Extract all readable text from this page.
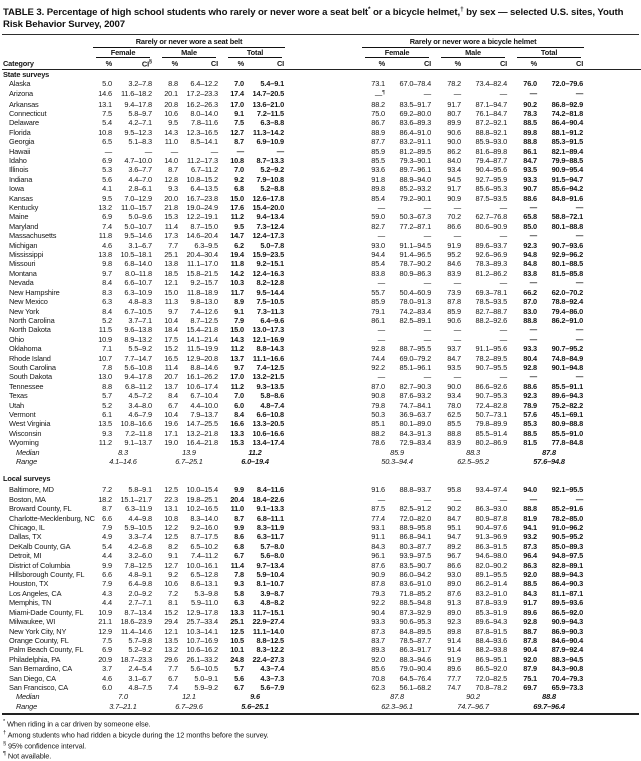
TABLE 3. Percentage of high school students who rarely or never wore a seat belt* or a bicycle helmet,† by sex — selected U.S. sites, Youth Risk Behavior Survey, 2007

	Rarely or never wore a seat belt							Rarely or never wore a bicycle helmet						

	Female		Male		Total			Female		Male		Total		

Category	%	CI§	%	CI	%	CI		%	CI	%	CI	%	CI	
State surveys														
Alaska	5.0	3.2–7.8	8.8	6.4–12.2	7.0	5.4–9.1		73.1	67.0–78.4	78.2	73.4–82.4	76.0	72.0–79.6	
Arizona	14.6	11.6–18.2	20.1	17.2–23.3	17.4	14.7–20.5		—¶	—	—	—	—	—	
Arkansas	13.1	9.4–17.8	20.8	16.2–26.3	17.0	13.6–21.0		88.2	83.5–91.7	91.7	87.1–94.7	90.2	86.8–92.9	
Connecticut	7.5	5.8–9.7	10.6	8.0–14.0	9.1	7.2–11.5		75.0	69.2–80.0	80.7	76.1–84.7	78.3	74.2–81.8	
Delaware	5.4	4.2–7.1	9.5	7.8–11.6	7.5	6.3–8.8		86.7	83.6–89.3	89.9	87.2–92.1	88.5	86.4–90.4	
Florida	10.8	9.5–12.3	14.3	12.3–16.5	12.7	11.3–14.2		88.9	86.4–91.0	90.6	88.8–92.1	89.8	88.1–91.2	
Georgia	6.5	5.1–8.3	11.0	8.5–14.1	8.7	6.9–10.9		87.7	83.2–91.1	90.0	85.9–93.0	88.8	85.3–91.5	
Hawaii	—	—	—	—	—	—		85.9	81.2–89.5	86.2	81.6–89.8	86.1	82.1–89.4	
Idaho	6.9	4.7–10.0	14.0	11.2–17.3	10.8	8.7–13.3		85.5	79.3–90.1	84.0	79.4–87.7	84.7	79.9–88.5	
Illinois	5.3	3.6–7.7	8.7	6.7–11.2	7.0	5.2–9.2		93.6	89.7–96.1	93.4	90.4–95.6	93.5	90.9–95.4	
Indiana	5.6	4.4–7.0	12.8	10.8–15.2	9.2	7.9–10.8		91.8	88.9–94.0	94.5	92.7–95.9	93.3	91.5–94.7	
Iowa	4.1	2.8–6.1	9.3	6.4–13.5	6.8	5.2–8.8		89.8	85.2–93.2	91.7	85.6–95.3	90.7	85.6–94.2	
Kansas	9.5	7.0–12.9	20.0	16.7–23.8	15.0	12.6–17.8		85.4	79.2–90.1	90.9	87.5–93.5	88.6	84.8–91.6	
Kentucky	13.2	11.0–15.7	21.8	19.0–24.9	17.6	15.4–20.0		—	—	—	—	—	—	
Maine	6.9	5.0–9.6	15.3	12.2–19.1	11.2	9.4–13.4		59.0	50.3–67.3	70.2	62.7–76.8	65.8	58.8–72.1	
Maryland	7.4	5.0–10.7	11.4	8.7–15.0	9.5	7.3–12.4		82.7	77.2–87.1	86.6	80.6–90.9	85.0	80.1–88.8	
Massachusetts	11.8	9.5–14.6	17.3	14.6–20.4	14.7	12.4–17.3		—	—	—	—	—	—	
Michigan	4.6	3.1–6.7	7.7	6.3–9.5	6.2	5.0–7.8		93.0	91.1–94.5	91.9	89.6–93.7	92.3	90.7–93.6	
Mississippi	13.8	10.5–18.1	25.1	20.4–30.4	19.4	15.9–23.5		94.4	91.4–96.5	95.2	92.6–96.9	94.8	92.9–96.2	
Missouri	9.8	6.8–14.0	13.8	11.1–17.0	11.8	9.2–15.1		85.4	78.7–90.2	84.6	78.3–89.3	84.8	80.1–88.5	
Montana	9.7	8.0–11.8	18.5	15.8–21.5	14.2	12.4–16.3		83.8	80.9–86.3	83.9	81.2–86.2	83.8	81.5–85.8	
Nevada	8.4	6.6–10.7	12.1	9.2–15.7	10.3	8.2–12.8		—	—	—	—	—	—	
New Hampshire	8.3	6.3–10.9	15.0	11.8–18.9	11.7	9.5–14.4		55.7	50.4–60.9	73.9	69.3–78.1	66.2	62.0–70.2	
New Mexico	6.3	4.8–8.3	11.3	9.8–13.0	8.9	7.5–10.5		85.9	78.0–91.3	87.8	78.5–93.5	87.0	78.8–92.4	
New York	8.4	6.7–10.5	9.7	7.4–12.6	9.1	7.3–11.3		79.1	74.2–83.4	85.9	82.7–88.7	83.0	79.4–86.0	
North Carolina	5.2	3.7–7.1	10.4	8.7–12.5	7.9	6.4–9.6		86.1	82.5–89.1	90.6	88.2–92.6	88.8	86.2–91.0	
North Dakota	11.5	9.6–13.8	18.4	15.4–21.8	15.0	13.0–17.3		—	—	—	—	—	—	
Ohio	10.9	8.9–13.2	17.5	14.1–21.4	14.3	12.1–16.9		—	—	—	—	—	—	
Oklahoma	7.1	5.5–9.2	15.2	11.5–19.9	11.2	8.8–14.3		92.8	88.7–95.5	93.7	91.1–95.6	93.3	90.7–95.2	
Rhode Island	10.7	7.7–14.7	16.5	12.9–20.8	13.7	11.1–16.6		74.4	69.0–79.2	84.7	78.2–89.5	80.4	74.8–84.9	
South Carolina	7.8	5.6–10.8	11.4	8.8–14.6	9.7	7.4–12.5		92.2	85.1–96.1	93.5	90.7–95.5	92.8	90.1–94.8	
South Dakota	13.0	9.4–17.8	20.7	16.1–26.2	17.0	13.2–21.5		—	—	—	—	—	—	
Tennessee	8.8	6.8–11.2	13.7	10.6–17.4	11.2	9.3–13.5		87.0	82.7–90.3	90.0	86.6–92.6	88.6	85.5–91.1	
Texas	5.7	4.5–7.2	8.4	6.7–10.4	7.0	5.8–8.6		90.8	87.6–93.2	93.4	90.7–95.3	92.3	89.6–94.3	
Utah	5.2	3.4–8.0	6.7	4.4–10.0	6.0	4.8–7.4		79.8	74.7–84.1	78.0	72.4–82.8	78.9	75.2–82.2	
Vermont	6.1	4.6–7.9	10.4	7.9–13.7	8.4	6.6–10.8		50.3	36.9–63.7	62.5	50.7–73.1	57.6	45.1–69.1	
West Virginia	13.5	10.8–16.6	19.6	14.7–25.5	16.6	13.3–20.5		85.1	80.1–89.0	85.5	79.8–89.9	85.3	80.9–88.8	
Wisconsin	9.3	7.2–11.8	17.1	13.2–21.8	13.3	10.6–16.6		88.2	84.3–91.3	88.8	85.5–91.4	88.5	85.5–91.0	
Wyoming	11.2	9.1–13.7	19.0	16.4–21.8	15.3	13.4–17.4		78.6	72.9–83.4	83.9	80.2–86.9	81.5	77.8–84.8	
Median	8.3		13.9		11.2			85.9		88.3		87.8		
Range	4.1–14.6		6.7–25.1		6.0–19.4			50.3–94.4		62.5–95.2		57.6–94.8		
Local surveys														
Baltimore, MD	7.2	5.8–9.1	12.5	10.0–15.4	9.9	8.4–11.6		91.6	88.8–93.7	95.8	93.4–97.4	94.0	92.1–95.5	
Boston, MA	18.2	15.1–21.7	22.3	19.8–25.1	20.4	18.4–22.6		—	—	—	—	—	—	
Broward County, FL	8.7	6.3–11.9	13.1	10.2–16.5	11.0	9.1–13.3		87.5	82.5–91.2	90.2	86.3–93.0	88.8	85.2–91.6	
Charlotte-Mecklenburg, NC	6.6	4.4–9.8	10.8	8.3–14.0	8.7	6.8–11.1		77.4	72.0–82.0	84.7	80.9–87.8	81.9	78.2–85.0	
Chicago, IL	7.9	5.9–10.5	12.2	9.2–16.0	9.9	8.3–11.9		93.1	88.9–95.8	95.1	90.4–97.6	94.1	91.0–96.2	
Dallas, TX	4.9	3.3–7.4	12.5	8.7–17.5	8.6	6.3–11.7		91.1	86.8–94.1	94.7	91.3–96.9	93.2	90.5–95.2	
DeKalb County, GA	5.4	4.2–6.8	8.2	6.5–10.2	6.8	5.7–8.0		84.3	80.3–87.7	89.2	86.3–91.5	87.3	85.0–89.3	
Detroit, MI	4.4	3.2–6.0	9.1	7.4–11.2	6.7	5.6–8.0		96.1	93.9–97.5	96.7	94.6–98.0	96.4	94.8–97.5	
District of Columbia	9.9	7.8–12.5	12.7	10.0–16.1	11.4	9.7–13.4		87.6	83.5–90.7	86.6	82.0–90.2	86.3	82.8–89.1	
Hillsborough County, FL	6.6	4.8–9.1	9.2	6.5–12.8	7.8	5.9–10.4		90.9	86.0–94.2	93.0	89.1–95.5	92.0	88.9–94.3	
Houston, TX	7.9	6.4–9.8	10.6	8.6–13.1	9.3	8.1–10.7		87.8	83.6–91.0	89.0	86.2–91.4	88.5	86.4–90.3	
Los Angeles, CA	4.3	2.0–9.2	7.2	5.3–9.8	5.8	3.9–8.7		79.3	71.8–85.2	87.6	83.2–91.0	84.3	81.1–87.1	
Memphis, TN	4.4	2.7–7.1	8.1	5.9–11.0	6.3	4.8–8.2		92.2	88.5–94.8	91.3	87.8–93.9	91.7	89.5–93.6	
Miami-Dade County, FL	10.9	8.7–13.4	15.2	12.9–17.8	13.3	11.7–15.1		90.4	87.3–92.9	89.0	85.3–91.9	89.6	86.5–92.0	
Milwaukee, WI	21.1	18.6–23.9	29.4	25.7–33.4	25.1	22.9–27.4		93.3	90.6–95.3	92.3	89.6–94.3	92.8	90.9–94.3	
New York City, NY	12.9	11.4–14.6	12.1	10.3–14.1	12.5	11.1–14.0		87.3	84.8–89.5	89.8	87.8–91.5	88.7	86.9–90.3	
Orange County, FL	7.5	5.7–9.8	13.5	10.7–16.9	10.5	8.8–12.5		83.7	78.5–87.7	91.4	88.4–93.6	87.8	84.6–90.4	
Palm Beach County, FL	6.9	5.2–9.2	13.2	10.6–16.2	10.1	8.3–12.2		89.3	86.3–91.7	91.4	88.2–93.8	90.4	87.9–92.4	
Philadelphia, PA	20.9	18.7–23.3	29.6	26.1–33.2	24.8	22.4–27.3		92.0	88.3–94.6	91.9	86.9–95.1	92.0	88.3–94.5	
San Bernardino, CA	3.7	2.4–5.4	7.7	5.6–10.5	5.7	4.3–7.4		85.6	79.0–90.4	89.6	86.5–92.0	87.9	84.3–90.8	
San Diego, CA	4.6	3.1–6.7	6.7	5.0–9.1	5.6	4.3–7.3		70.8	64.5–76.4	77.7	72.0–82.5	75.1	70.4–79.3	
San Francisco, CA	6.0	4.8–7.5	7.4	5.9–9.2	6.7	5.6–7.9		62.3	56.1–68.2	74.7	70.8–78.2	69.7	65.9–73.3	
Median	7.0		12.1		9.6			87.8		90.2		88.8		
Range	3.7–21.1		6.7–29.6		5.6–25.1			62.3–96.1		74.7–96.7		69.7–96.4		
* When riding in a car driven by someone else.
† Among students who had ridden a bicycle during the 12 months before the survey.
§ 95% confidence interval.
¶ Not available.
